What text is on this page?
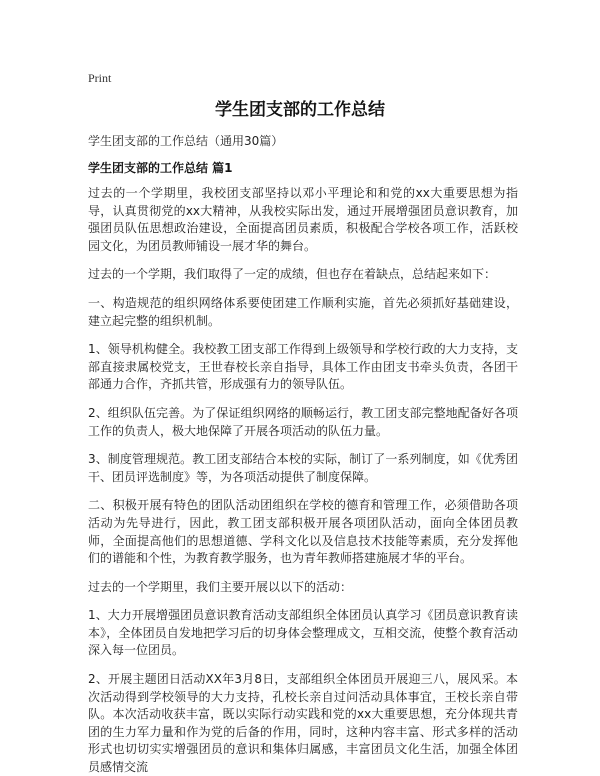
Print
学生团支部的工作总结
学生团支部的工作总结（通用30篇）
学生团支部的工作总结 篇1

过去的一个学期里，我校团支部坚持以邓小平理论和和党的xx大重要思想为指导，认真贯彻党的xx大精神，从我校实际出发，通过开展增强团员意识教育，加强团员队伍思想政治建设，全面提高团员素质，积极配合学校各项工作，活跃校园文化，为团员教师铺设一展才华的舞台。

过去的一个学期，我们取得了一定的成绩，但也存在着缺点，总结起来如下：

一、构造规范的组织网络体系要使团建工作顺利实施，首先必须抓好基础建设，建立起完整的组织机制。

1、领导机构健全。我校教工团支部工作得到上级领导和学校行政的大力支持，支部直接隶属校党支，王世春校长亲自指导，具体工作由团支书牵头负责，各团干部通力合作，齐抓共管，形成强有力的领导队伍。

2、组织队伍完善。为了保证组织网络的顺畅运行，教工团支部完整地配备好各项工作的负责人，极大地保障了开展各项活动的队伍力量。

3、制度管理规范。教工团支部结合本校的实际，制订了一系列制度，如《优秀团干、团员评选制度》等，为各项活动提供了制度保障。

二、积极开展有特色的团队活动团组织在学校的德育和管理工作，必须借助各项活动为先导进行，因此，教工团支部积极开展各项团队活动，面向全体团员教师，全面提高他们的思想道德、学科文化以及信息技术技能等素质，充分发挥他们的谱能和个性，为教育教学服务，也为青年教师搭建施展才华的平台。

过去的一个学期里，我们主要开展以以下的活动：

1、大力开展增强团员意识教育活动支部组织全体团员认真学习《团员意识教育读本》，全体团员自发地把学习后的切身体会整理成文，互相交流，使整个教育活动深入每一位团员。

2、开展主题团日活动XX年3月8日，支部组织全体团员开展迎三八，展风采。本次活动得到学校领导的大力支持，孔校长亲自过问活动具体事宜，王校长亲自带队。本次活动收获丰富，既以实际行动实践和党的xx大重要思想，充分体现共青团的生力军力量和作为党的后备的作用，同时，这种内容丰富、形式多样的活动形式也切切实实增强团员的意识和集体归属感，丰富团员文化生活，加强全体团员感情交流
